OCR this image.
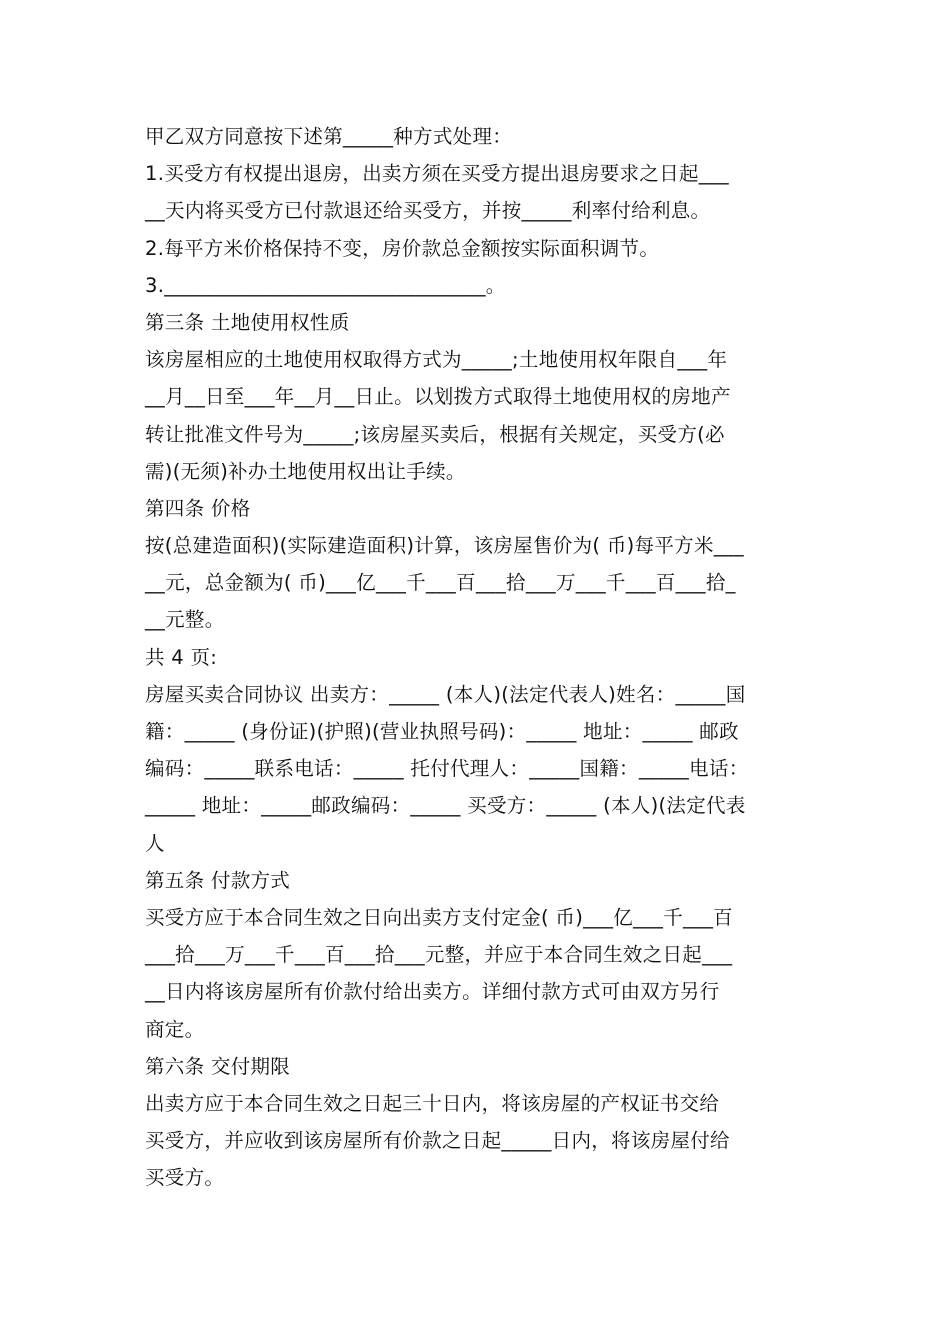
甲乙双方同意按下述第_____种方式处理：
1.买受方有权提出退房，出卖方须在买受方提出退房要求之日起___
__天内将买受方已付款退还给买受方，并按_____利率付给利息。
2.每平方米价格保持不变，房价款总金额按实际面积调节。
3.________________________________。
第三条 土地使用权性质
该房屋相应的土地使用权取得方式为_____;土地使用权年限自___年
__月__日至___年__月__日止。以划拨方式取得土地使用权的房地产
转让批准文件号为_____;该房屋买卖后，根据有关规定，买受方(必
需)(无须)补办土地使用权出让手续。
第四条 价格
按(总建造面积)(实际建造面积)计算，该房屋售价为( 币)每平方米___
__元，总金额为( 币)___亿___千___百___拾___万___千___百___拾_
__元整。
共 4 页:
房屋买卖合同协议 出卖方：_____ (本人)(法定代表人)姓名：_____国
籍：_____ (身份证)(护照)(营业执照号码)：_____ 地址：_____ 邮政
编码：_____联系电话：_____ 托付代理人：_____国籍：_____电话：
_____ 地址：_____邮政编码：_____ 买受方：_____ (本人)(法定代表
人
第五条 付款方式
买受方应于本合同生效之日向出卖方支付定金( 币)___亿___千___百
___拾___万___千___百___拾___元整，并应于本合同生效之日起___
__日内将该房屋所有价款付给出卖方。详细付款方式可由双方另行
商定。
第六条 交付期限
出卖方应于本合同生效之日起三十日内，将该房屋的产权证书交给
买受方，并应收到该房屋所有价款之日起_____日内，将该房屋付给
买受方。
